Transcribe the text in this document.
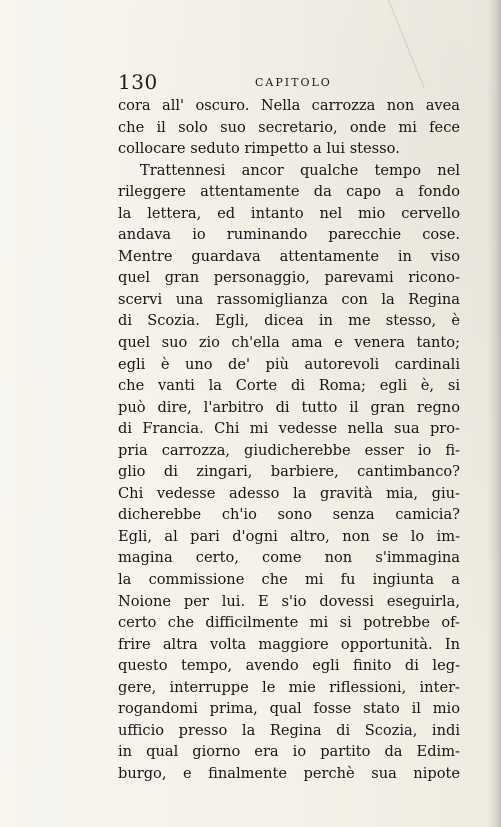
130	CAPITOLO
cora all' oscuro. Nella carrozza non avea
che il solo suo secretario, onde mi fece
collocare seduto rimpetto a lui stesso.
Trattennesi ancor qualche tempo nel
rileggere attentamente da capo a fondo
la lettera, ed intanto nel mio cervello
andava io ruminando parecchie cose.
Mentre guardava attentamente in viso
quel gran personaggio, parevami ricono-
scervi una rassomiglianza con la Regina
di Scozia. Egli, dicea in me stesso, è
quel suo zio ch'ella ama e venera tanto;
egli è uno de' più autorevoli cardinali
che vanti la Corte di Roma; egli è, si
può dire, l'arbitro di tutto il gran regno
di Francia. Chi mi vedesse nella sua pro-
pria carrozza, giudicherebbe esser io fi-
glio di zingari, barbiere, cantimbanco?
Chi vedesse adesso la gravità mia, giu-
dicherebbe ch'io sono senza camicia?
Egli, al pari d'ogni altro, non se lo im-
magina certo, come non s'immagina
la commissione che mi fu ingiunta a
Noione per lui. E s'io dovessi eseguirla,
certo che difficilmente mi si potrebbe of-
frire altra volta maggiore opportunità. In
questo tempo, avendo egli finito di leg-
gere, interruppe le mie riflessioni, inter-
rogandomi prima, qual fosse stato il mio
ufficio presso la Regina di Scozia, indi
in qual giorno era io partito da Edim-
burgo, e finalmente perchè sua nipote
